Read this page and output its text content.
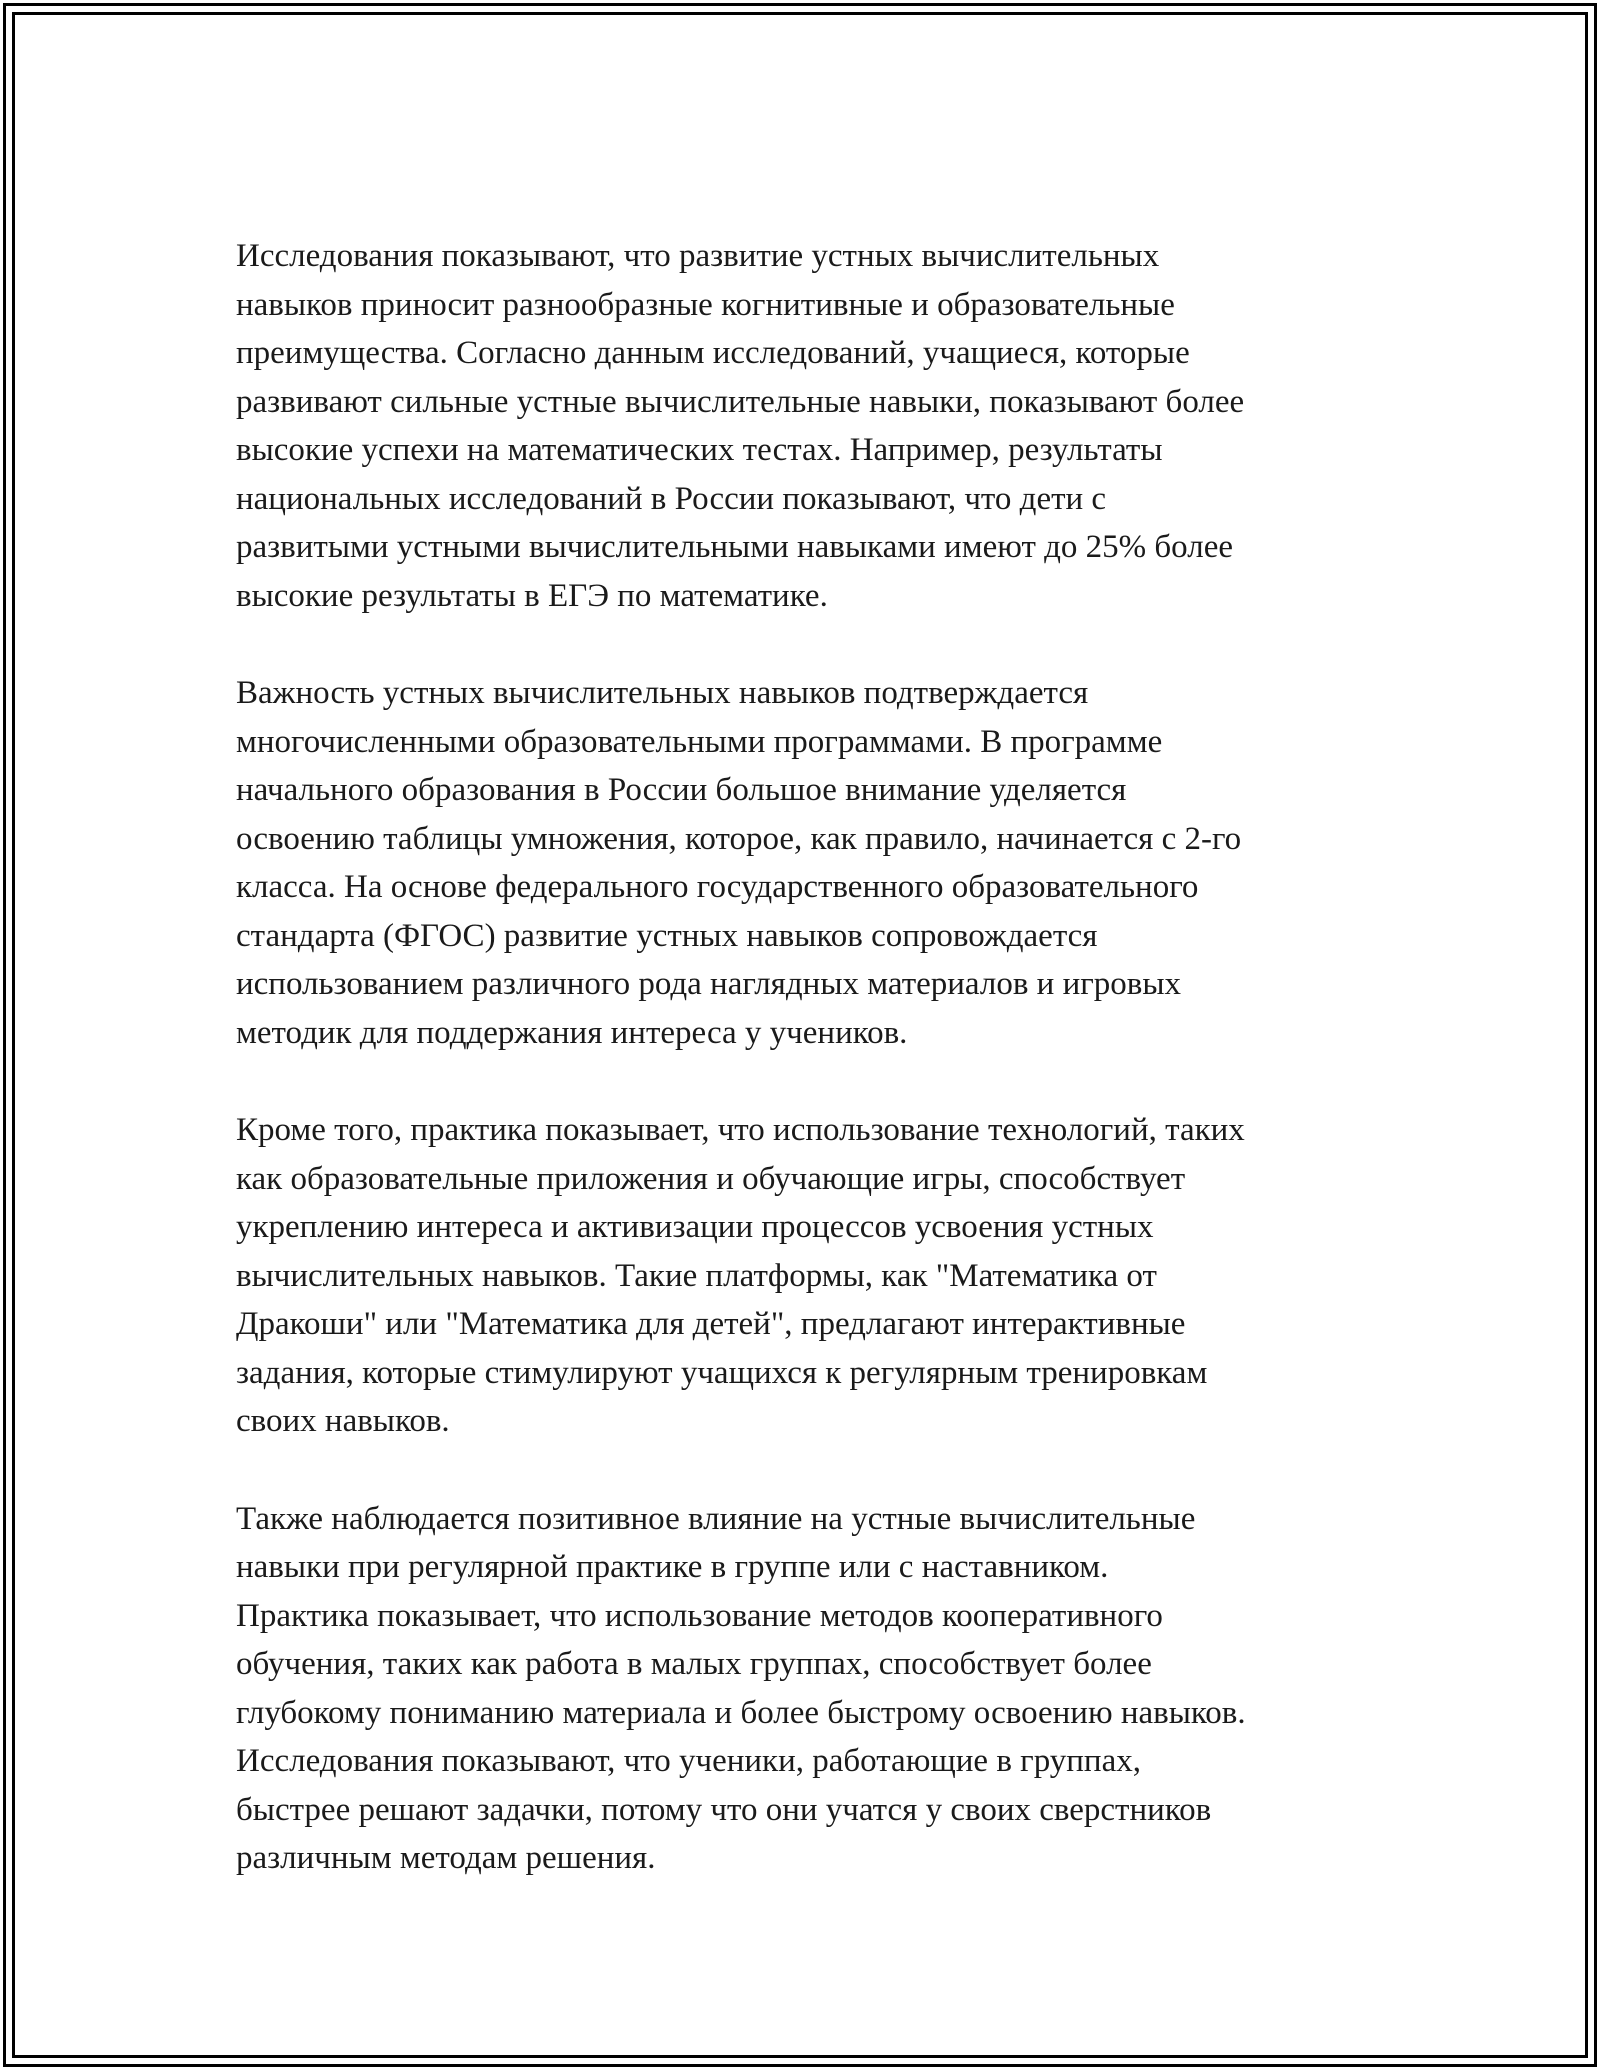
Исследования показывают, что развитие устных вычислительных
навыков приносит разнообразные когнитивные и образовательные
преимущества. Согласно данным исследований, учащиеся, которые
развивают сильные устные вычислительные навыки, показывают более
высокие успехи на математических тестах. Например, результаты
национальных исследований в России показывают, что дети с
развитыми устными вычислительными навыками имеют до 25% более
высокие результаты в ЕГЭ по математике.

Важность устных вычислительных навыков подтверждается
многочисленными образовательными программами. В программе
начального образования в России большое внимание уделяется
освоению таблицы умножения, которое, как правило, начинается с 2-го
класса. На основе федерального государственного образовательного
стандарта (ФГОС) развитие устных навыков сопровождается
использованием различного рода наглядных материалов и игровых
методик для поддержания интереса у учеников.

Кроме того, практика показывает, что использование технологий, таких
как образовательные приложения и обучающие игры, способствует
укреплению интереса и активизации процессов усвоения устных
вычислительных навыков. Такие платформы, как "Математика от
Дракоши" или "Математика для детей", предлагают интерактивные
задания, которые стимулируют учащихся к регулярным тренировкам
своих навыков.

Также наблюдается позитивное влияние на устные вычислительные
навыки при регулярной практике в группе или с наставником.
Практика показывает, что использование методов кооперативного
обучения, таких как работа в малых группах, способствует более
глубокому пониманию материала и более быстрому освоению навыков.
Исследования показывают, что ученики, работающие в группах,
быстрее решают задачки, потому что они учатся у своих сверстников
различным методам решения.
